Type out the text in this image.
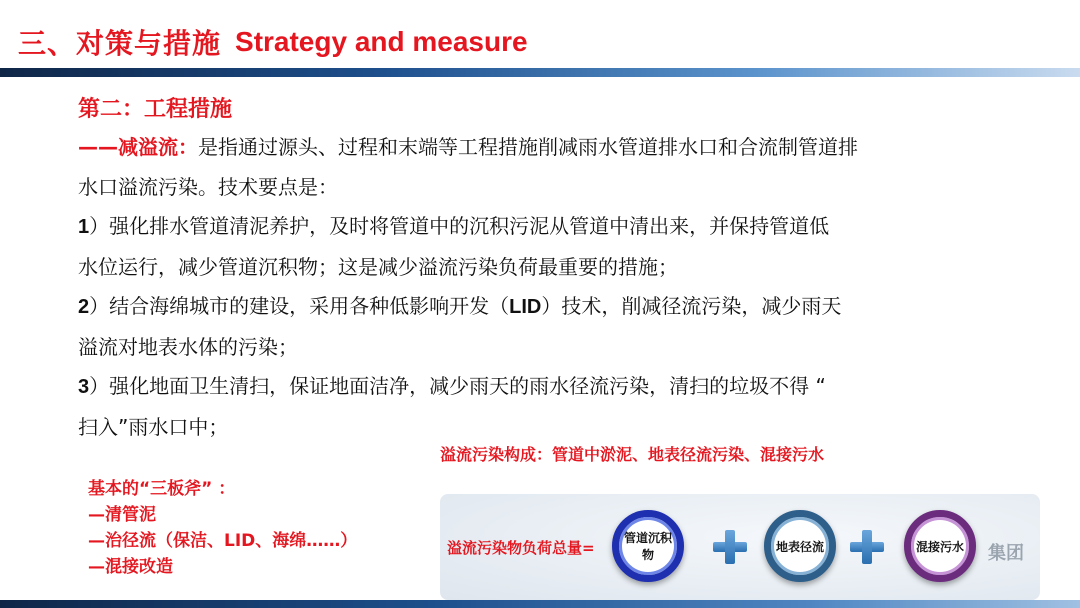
三、对策与措施 Strategy and measure

第二：工程措施

——减溢流：是指通过源头、过程和末端等工程措施削减雨水管道排水口和合流制管道排

水口溢流污染。技术要点是：

1）强化排水管道清泥养护，及时将管道中的沉积污泥从管道中清出来，并保持管道低

水位运行，减少管道沉积物；这是减少溢流污染负荷最重要的措施；

2）结合海绵城市的建设，采用各种低影响开发（LID）技术，削减径流污染，减少雨天

溢流对地表水体的污染；

3）强化地面卫生清扫，保证地面洁净，减少雨天的雨水径流污染，清扫的垃圾不得 “

扫入”雨水口中；

溢流污染构成：管道中淤泥、地表径流污染、混接污水
基本的“三板斧” ：
—清管泥
—治径流（保洁、LID、海绵……）
—混接改造
溢流污染物负荷总量=
管道沉积物
地表径流	混接污水 集团
